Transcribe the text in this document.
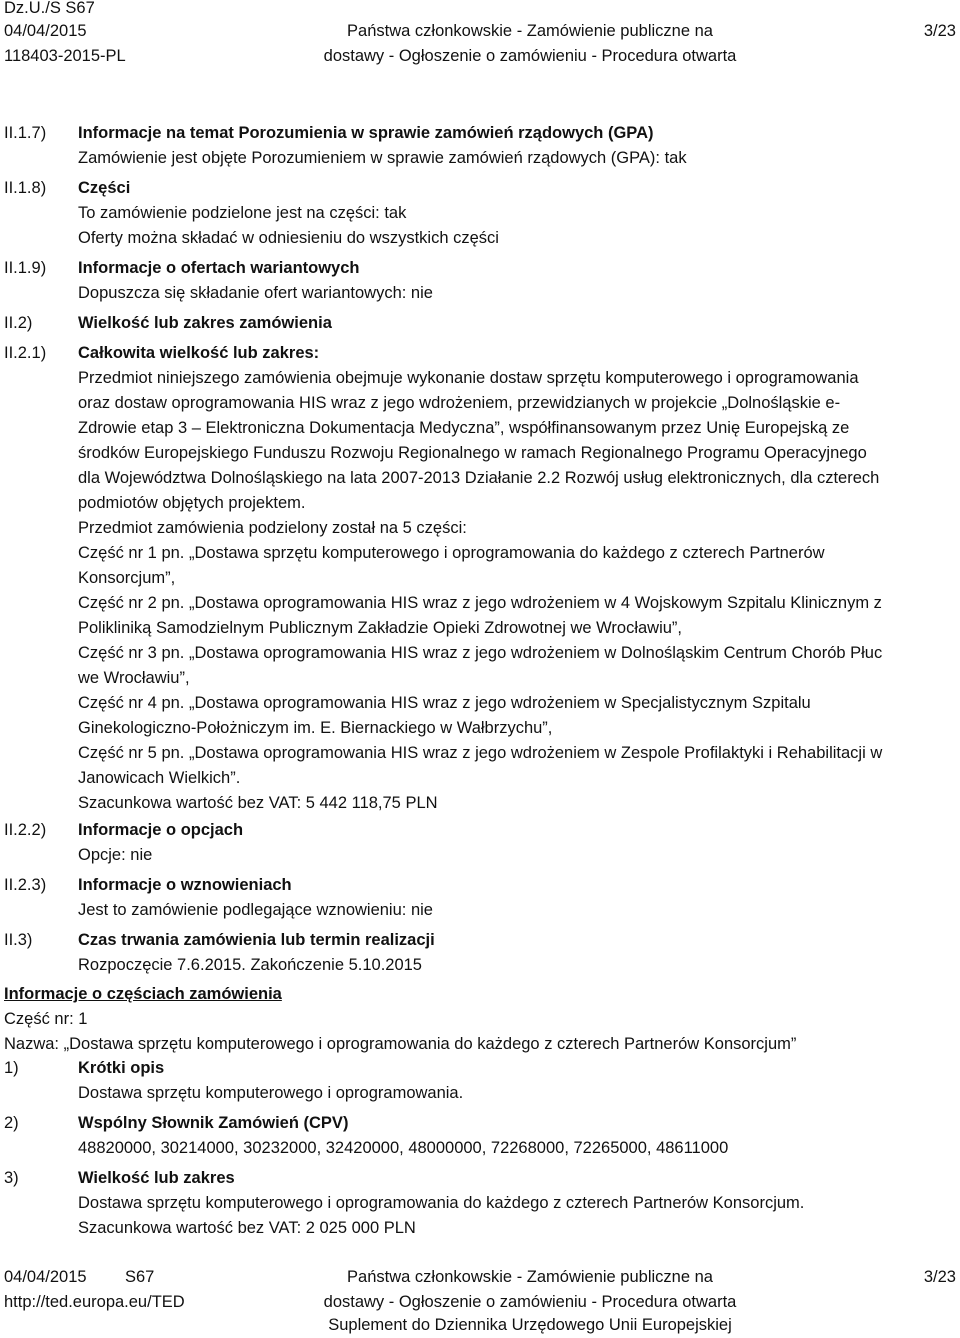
Dz.U./S S67
04/04/2015
118403-2015-PL
Państwa członkowskie - Zamówienie publiczne na
dostawy - Ogłoszenie o zamówieniu - Procedura otwarta
3/23
II.1.7) Informacje na temat Porozumienia w sprawie zamówień rządowych (GPA)
Zamówienie jest objęte Porozumieniem w sprawie zamówień rządowych (GPA): tak
II.1.8) Części
To zamówienie podzielone jest na części: tak
Oferty można składać w odniesieniu do wszystkich części
II.1.9) Informacje o ofertach wariantowych
Dopuszcza się składanie ofert wariantowych: nie
II.2)	Wielkość lub zakres zamówienia
II.2.1) Całkowita wielkość lub zakres:
Przedmiot niniejszego zamówienia obejmuje wykonanie dostaw sprzętu komputerowego i oprogramowania
oraz dostaw oprogramowania HIS wraz z jego wdrożeniem, przewidzianych w projekcie „Dolnośląskie e-
Zdrowie etap 3 – Elektroniczna Dokumentacja Medyczna”, współfinansowanym przez Unię Europejską ze
środków Europejskiego Funduszu Rozwoju Regionalnego w ramach Regionalnego Programu Operacyjnego
dla Województwa Dolnośląskiego na lata 2007-2013 Działanie 2.2 Rozwój usług elektronicznych, dla czterech
podmiotów objętych projektem.
Przedmiot zamówienia podzielony został na 5 części:
Część nr 1 pn. „Dostawa sprzętu komputerowego i oprogramowania do każdego z czterech Partnerów
Konsorcjum”,
Część nr 2 pn. „Dostawa oprogramowania HIS wraz z jego wdrożeniem w 4 Wojskowym Szpitalu Klinicznym z
Polikliniką Samodzielnym Publicznym Zakładzie Opieki Zdrowotnej we Wrocławiu”,
Część nr 3 pn. „Dostawa oprogramowania HIS wraz z jego wdrożeniem w Dolnośląskim Centrum Chorób Płuc
we Wrocławiu”,
Część nr 4 pn. „Dostawa oprogramowania HIS wraz z jego wdrożeniem w Specjalistycznym Szpitalu
Ginekologiczno-Położniczym im. E. Biernackiego w Wałbrzychu”,
Część nr 5 pn. „Dostawa oprogramowania HIS wraz z jego wdrożeniem w Zespole Profilaktyki i Rehabilitacji w
Janowicach Wielkich”.
Szacunkowa wartość bez VAT: 5 442 118,75 PLN
II.2.2) Informacje o opcjach
Opcje: nie
II.2.3) Informacje o wznowieniach
Jest to zamówienie podlegające wznowieniu: nie
II.3)	Czas trwania zamówienia lub termin realizacji
Rozpoczęcie 7.6.2015. Zakończenie 5.10.2015
Informacje o częściach zamówienia
Część nr: 1
Nazwa: „Dostawa sprzętu komputerowego i oprogramowania do każdego z czterech Partnerów Konsorcjum”
1)	Krótki opis
Dostawa sprzętu komputerowego i oprogramowania.
2)	Wspólny Słownik Zamówień (CPV)
48820000, 30214000, 30232000, 32420000, 48000000, 72268000, 72265000, 48611000
3)	Wielkość lub zakres
Dostawa sprzętu komputerowego i oprogramowania do każdego z czterech Partnerów Konsorcjum.
Szacunkowa wartość bez VAT: 2 025 000 PLN
04/04/2015 S67
http://ted.europa.eu/TED
Państwa członkowskie - Zamówienie publiczne na
dostawy - Ogłoszenie o zamówieniu - Procedura otwarta
Suplement do Dziennika Urzędowego Unii Europejskiej
3/23
